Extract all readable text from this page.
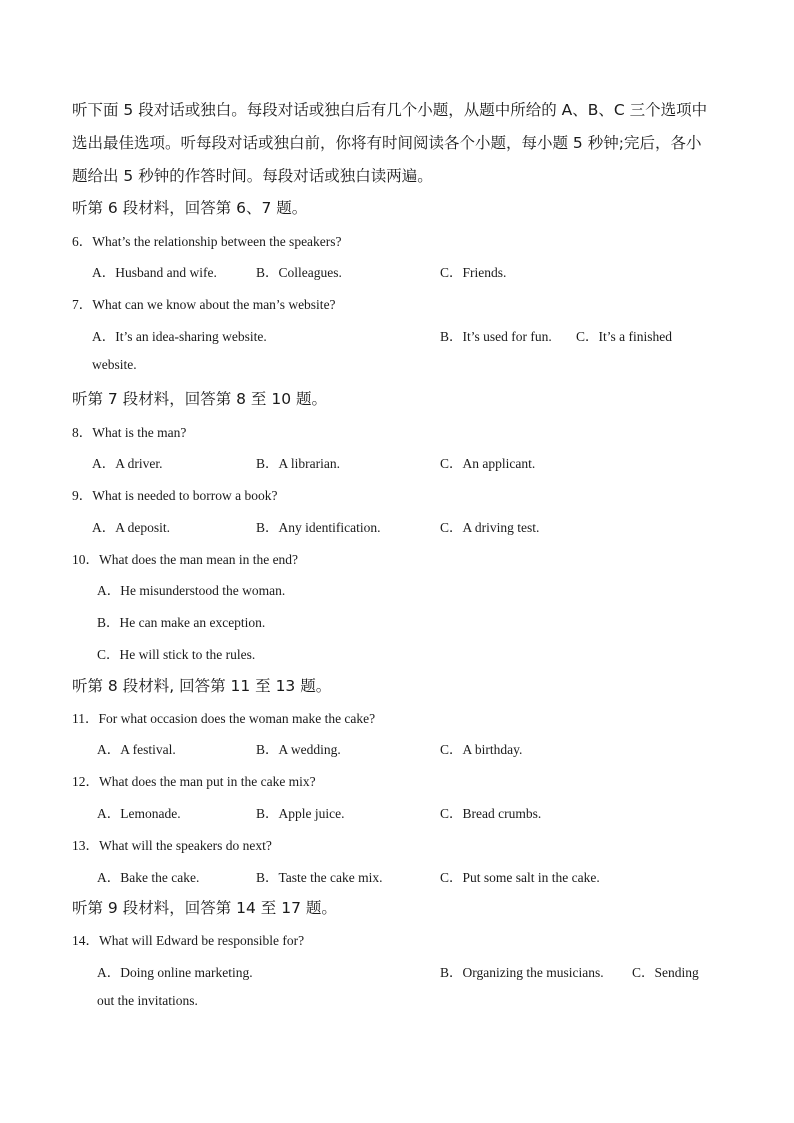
听下面 5 段对话或独白。每段对话或独白后有几个小题，从题中所给的 A、B、C 三个选项中
选出最佳选项。听每段对话或独白前，你将有时间阅读各个小题，每小题 5 秒钟;完后，各小
题给出 5 秒钟的作答时间。每段对话或独白读两遍。
听第 6 段材料，回答第 6、7 题。
6．What’s the relationship between the speakers?
A．Husband and wife.	B．Colleagues.	C．Friends.
7．What can we know about the man’s website?
A．It’s an idea-sharing website.	B．It’s used for fun. C．It’s a finished
website.
听第 7 段材料，回答第 8 至 10 题。
8．What is the man?
A．A driver.	B．A librarian.	C．An applicant.
9．What is needed to borrow a book?
A．A deposit.	B．Any identification.	C．A driving test.
10．What does the man mean in the end?
A．He misunderstood the woman.
B．He can make an exception.
C．He will stick to the rules.
听第 8 段材料, 回答第 11 至 13 题。
11．For what occasion does the woman make the cake?
A．A festival.	B．A wedding.	C．A birthday.
12．What does the man put in the cake mix?
A．Lemonade.	B．Apple juice.	C．Bread crumbs.
13．What will the speakers do next?
A．Bake the cake.	B．Taste the cake mix.	C．Put some salt in the cake.
听第 9 段材料，回答第 14 至 17 题。
14．What will Edward be responsible for?
A．Doing online marketing.	B．Organizing the musicians. C．Sending
out the invitations.
